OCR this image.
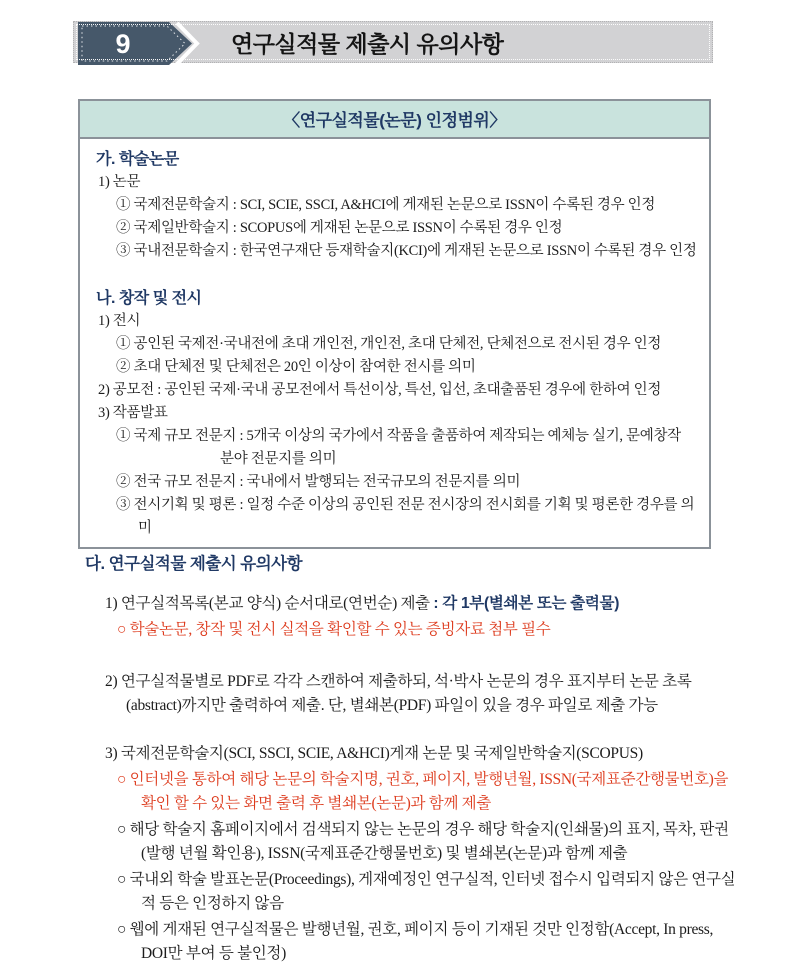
9	연구실적물 제출시 유의사항
〈연구실적물(논문) 인정범위〉
가. 학술논문
1) 논문
① 국제전문학술지 : SCI, SCIE, SSCI, A&HCI에 게재된 논문으로 ISSN이 수록된 경우 인정
② 국제일반학술지 : SCOPUS에 게재된 논문으로 ISSN이 수록된 경우 인정
③ 국내전문학술지 : 한국연구재단 등재학술지(KCI)에 게재된 논문으로 ISSN이 수록된 경우 인정
나. 창작 및 전시
1) 전시
① 공인된 국제전·국내전에 초대 개인전, 개인전, 초대 단체전, 단체전으로 전시된 경우 인정
② 초대 단체전 및 단체전은 20인 이상이 참여한 전시를 의미
2) 공모전 : 공인된 국제·국내 공모전에서 특선이상, 특선, 입선, 초대출품된 경우에 한하여 인정
3) 작품발표
① 국제 규모 전문지 : 5개국 이상의 국가에서 작품을 출품하여 제작되는 예체능 실기, 문예창작
분야 전문지를 의미
② 전국 규모 전문지 : 국내에서 발행되는 전국규모의 전문지를 의미
③ 전시기획 및 평론 : 일정 수준 이상의 공인된 전문 전시장의 전시회를 기획 및 평론한 경우를 의미
다. 연구실적물 제출시 유의사항
1) 연구실적목록(본교 양식) 순서대로(연번순) 제출 : 각 1부(별쇄본 또는 출력물)
○ 학술논문, 창작 및 전시 실적을 확인할 수 있는 증빙자료 첨부 필수
2) 연구실적물별로 PDF로 각각 스캔하여 제출하되, 석·박사 논문의 경우 표지부터 논문 초록(abstract)까지만 출력하여 제출. 단, 별쇄본(PDF) 파일이 있을 경우 파일로 제출 가능
3) 국제전문학술지(SCI, SSCI, SCIE, A&HCI)게재 논문 및 국제일반학술지(SCOPUS)
○ 인터넷을 통하여 해당 논문의 학술지명, 권호, 페이지, 발행년월, ISSN(국제표준간행물번호)을 확인 할 수 있는 화면 출력 후 별쇄본(논문)과 함께 제출
○ 해당 학술지 홈페이지에서 검색되지 않는 논문의 경우 해당 학술지(인쇄물)의 표지, 목차, 판권(발행 년월 확인용), ISSN(국제표준간행물번호) 및 별쇄본(논문)과 함께 제출
○ 국내외 학술 발표논문(Proceedings), 게재예정인 연구실적, 인터넷 접수시 입력되지 않은 연구실적 등은 인정하지 않음
○ 웹에 게재된 연구실적물은 발행년월, 권호, 페이지 등이 기재된 것만 인정함(Accept, In press, DOI만 부여 등 불인정)
